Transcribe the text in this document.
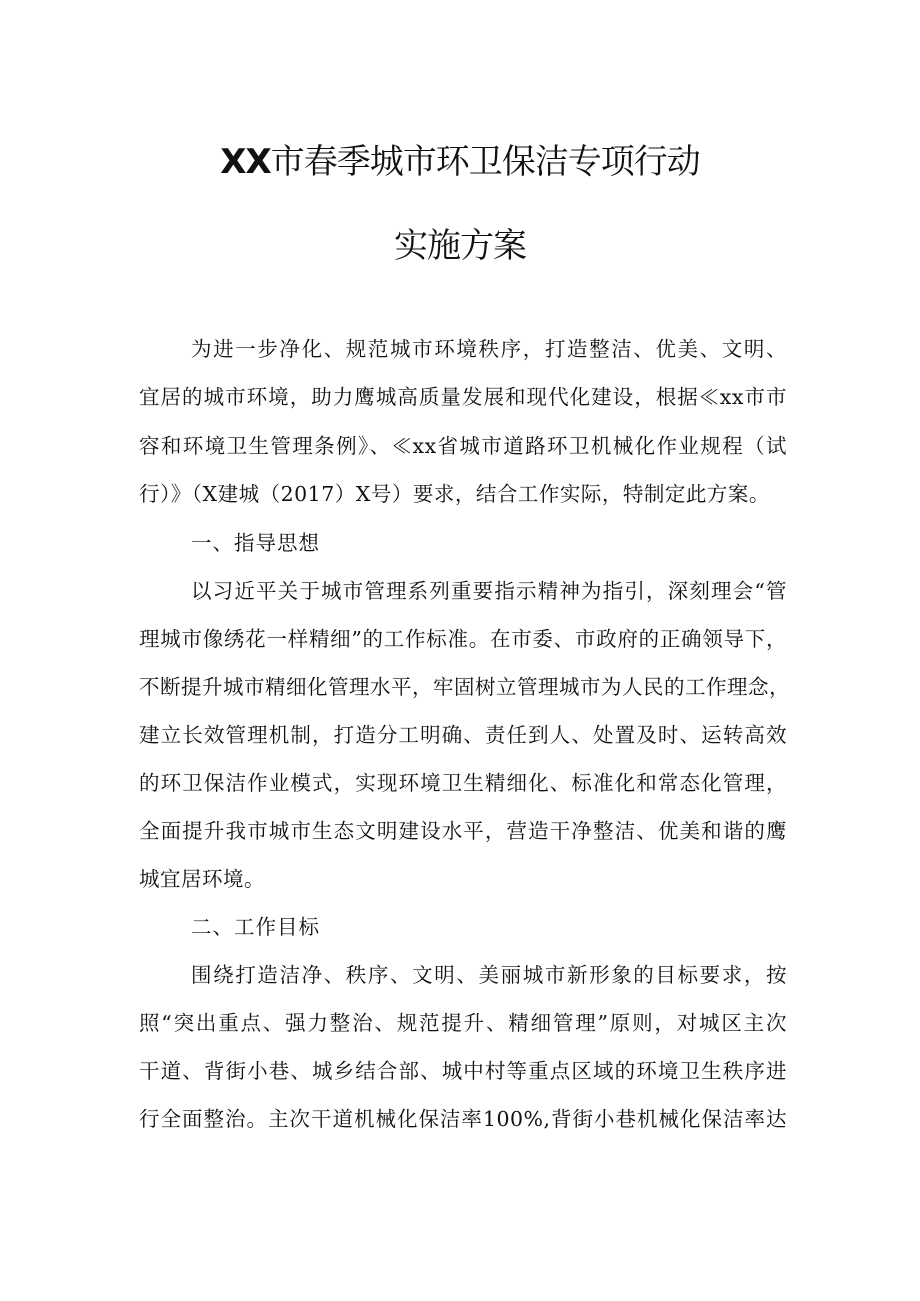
XX市春季城市环卫保洁专项行动
实施方案
为进一步净化、规范城市环境秩序，打造整洁、优美、文明、
宜居的城市环境，助力鹰城高质量发展和现代化建设，根据≪xx市市
容和环境卫生管理条例》、≪xx省城市道路环卫机械化作业规程（试
行）》（X建城（2017）X号）要求，结合工作实际，特制定此方案。
一、指导思想
以习近平关于城市管理系列重要指示精神为指引，深刻理会“管
理城市像绣花一样精细”的工作标准。在市委、市政府的正确领导下，
不断提升城市精细化管理水平，牢固树立管理城市为人民的工作理念，
建立长效管理机制，打造分工明确、责任到人、处置及时、运转高效
的环卫保洁作业模式，实现环境卫生精细化、标准化和常态化管理，
全面提升我市城市生态文明建设水平，营造干净整洁、优美和谐的鹰
城宜居环境。
二、工作目标
围绕打造洁净、秩序、文明、美丽城市新形象的目标要求，按
照“突出重点、强力整治、规范提升、精细管理”原则，对城区主次
干道、背街小巷、城乡结合部、城中村等重点区域的环境卫生秩序进
行全面整治。主次干道机械化保洁率100%,背街小巷机械化保洁率达
